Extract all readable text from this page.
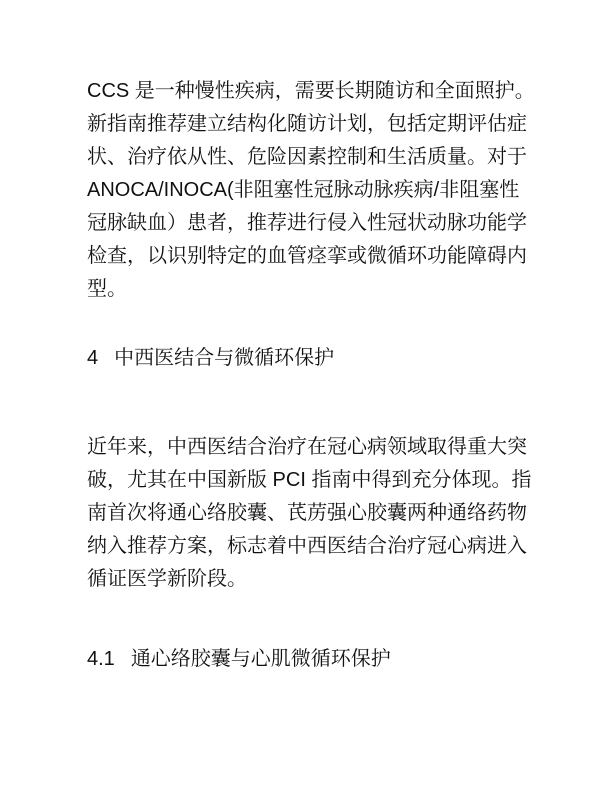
CCS 是一种慢性疾病，需要长期随访和全面照护。
新指南推荐建立结构化随访计划，包括定期评估症
状、治疗依从性、危险因素控制和生活质量。对于
ANOCA/INOCA(非阻塞性冠脉动脉疾病/非阻塞性
冠脉缺血）患者，推荐进行侵入性冠状动脉功能学
检查，以识别特定的血管痉挛或微循环功能障碍内
型。
4 中西医结合与微循环保护
近年来，中西医结合治疗在冠心病领域取得重大突
破，尤其在中国新版 PCI 指南中得到充分体现。指
南首次将通心络胶囊、芪苈强心胶囊两种通络药物
纳入推荐方案，标志着中西医结合治疗冠心病进入
循证医学新阶段。
4.1 通心络胶囊与心肌微循环保护
